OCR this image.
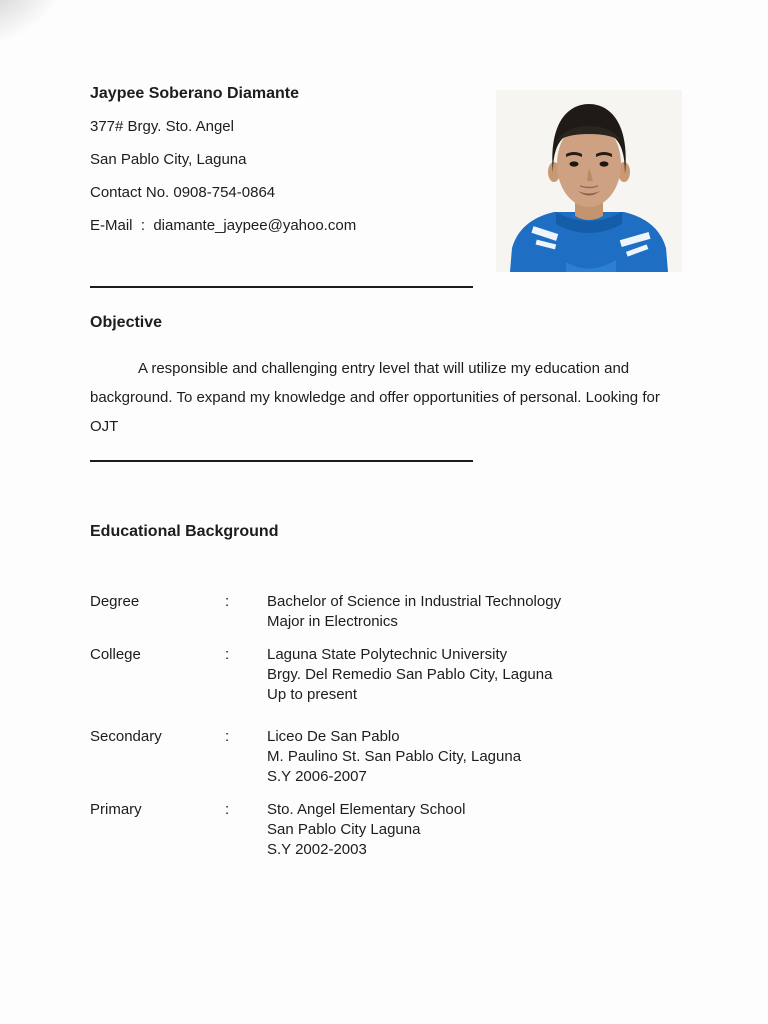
Jaypee Soberano Diamante

377# Brgy. Sto. Angel

San Pablo City, Laguna

Contact No. 0908-754-0864

E-Mail  :  diamante_jaypee@yahoo.com

Objective

A responsible and challenging entry level that will utilize my education and background. To expand my knowledge and offer opportunities of personal. Looking for OJT

Educational Background
Degree	:	Bachelor of Science in Industrial Technology
Major in Electronics
College	:	Laguna State Polytechnic University
Brgy. Del Remedio San Pablo City, Laguna
Up to present
Secondary	:	Liceo De San Pablo
M. Paulino St. San Pablo City, Laguna
S.Y 2006-2007
Primary	:	Sto. Angel Elementary School
San Pablo City Laguna
S.Y 2002-2003
